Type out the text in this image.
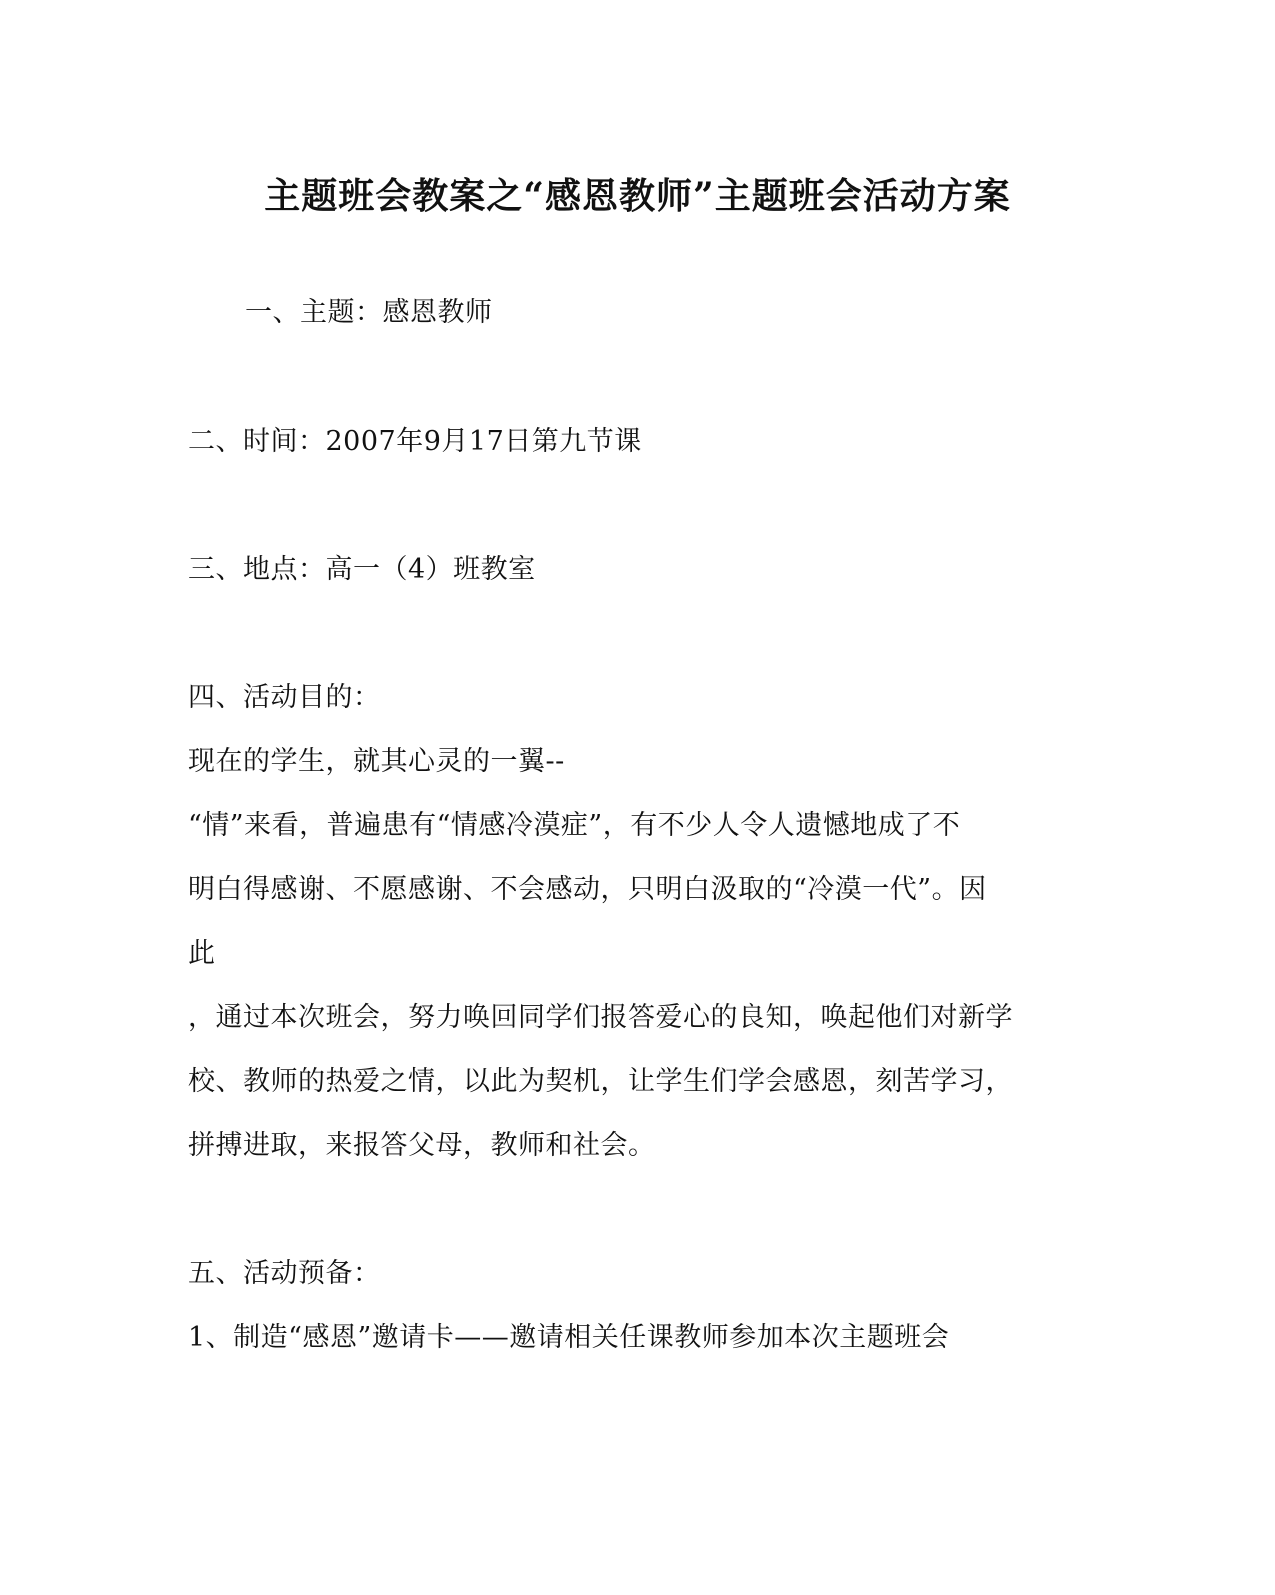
主题班会教案之“感恩教师”主题班会活动方案
一、主题：感恩教师
二、时间：2007年9月17日第九节课
三、地点：高一（4）班教室
四、活动目的：
现在的学生，就其心灵的一翼--
“情”来看，普遍患有“情感冷漠症”，有不少人令人遗憾地成了不
明白得感谢、不愿感谢、不会感动，只明白汲取的“冷漠一代”。因
此
，通过本次班会，努力唤回同学们报答爱心的良知，唤起他们对新学
校、教师的热爱之情，以此为契机，让学生们学会感恩，刻苦学习，
拼搏进取，来报答父母，教师和社会。
五、活动预备：
1、制造“感恩”邀请卡——邀请相关任课教师参加本次主题班会
